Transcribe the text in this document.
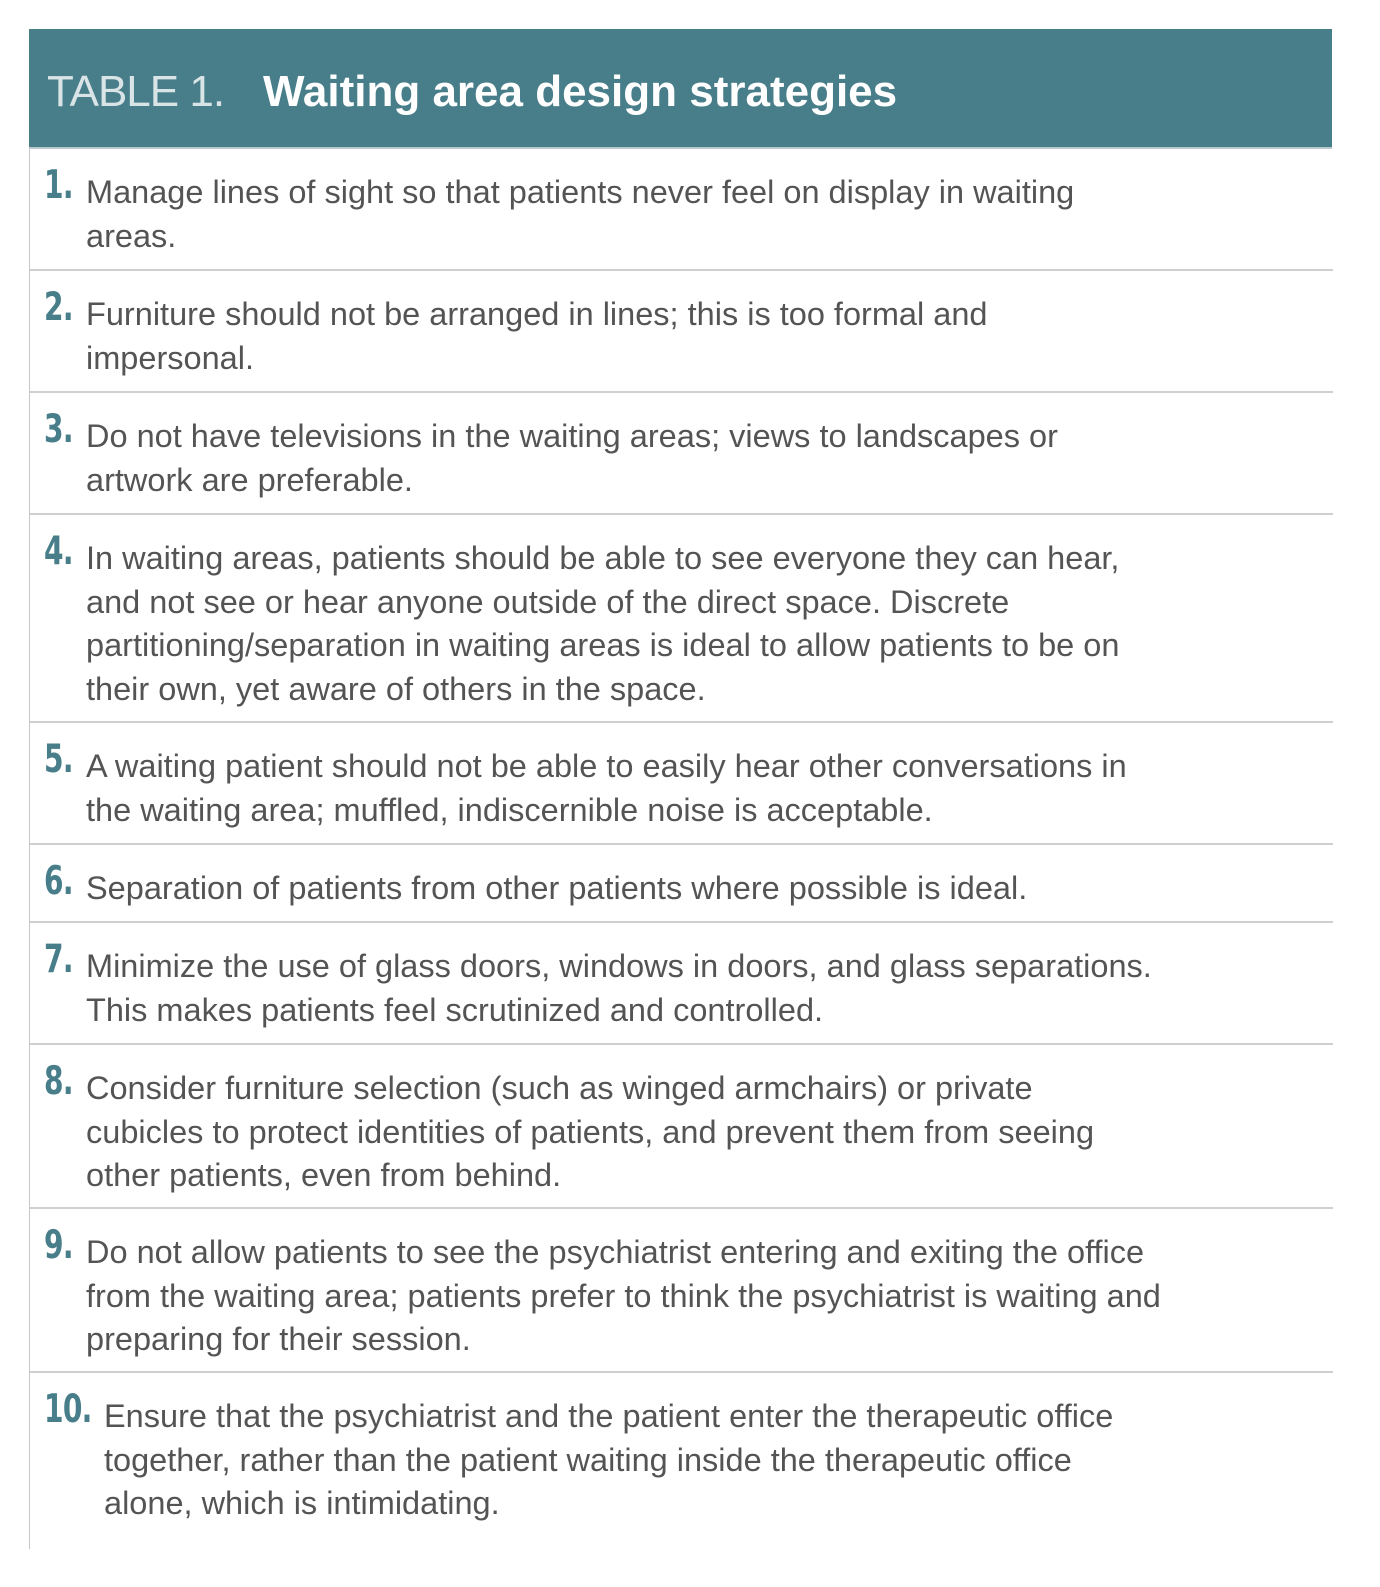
TABLE 1. Waiting area design strategies
1. Manage lines of sight so that patients never feel on display in waiting
areas.
2. Furniture should not be arranged in lines; this is too formal and
impersonal.
3. Do not have televisions in the waiting areas; views to landscapes or
artwork are preferable.
4. In waiting areas, patients should be able to see everyone they can hear,
and not see or hear anyone outside of the direct space. Discrete
partitioning/separation in waiting areas is ideal to allow patients to be on
their own, yet aware of others in the space.
5. A waiting patient should not be able to easily hear other conversations in
the waiting area; muffled, indiscernible noise is acceptable.
6. Separation of patients from other patients where possible is ideal.
7. Minimize the use of glass doors, windows in doors, and glass separations.
This makes patients feel scrutinized and controlled.
8. Consider furniture selection (such as winged armchairs) or private
cubicles to protect identities of patients, and prevent them from seeing
other patients, even from behind.
9. Do not allow patients to see the psychiatrist entering and exiting the office
from the waiting area; patients prefer to think the psychiatrist is waiting and
preparing for their session.
10. Ensure that the psychiatrist and the patient enter the therapeutic office
together, rather than the patient waiting inside the therapeutic office
alone, which is intimidating.
